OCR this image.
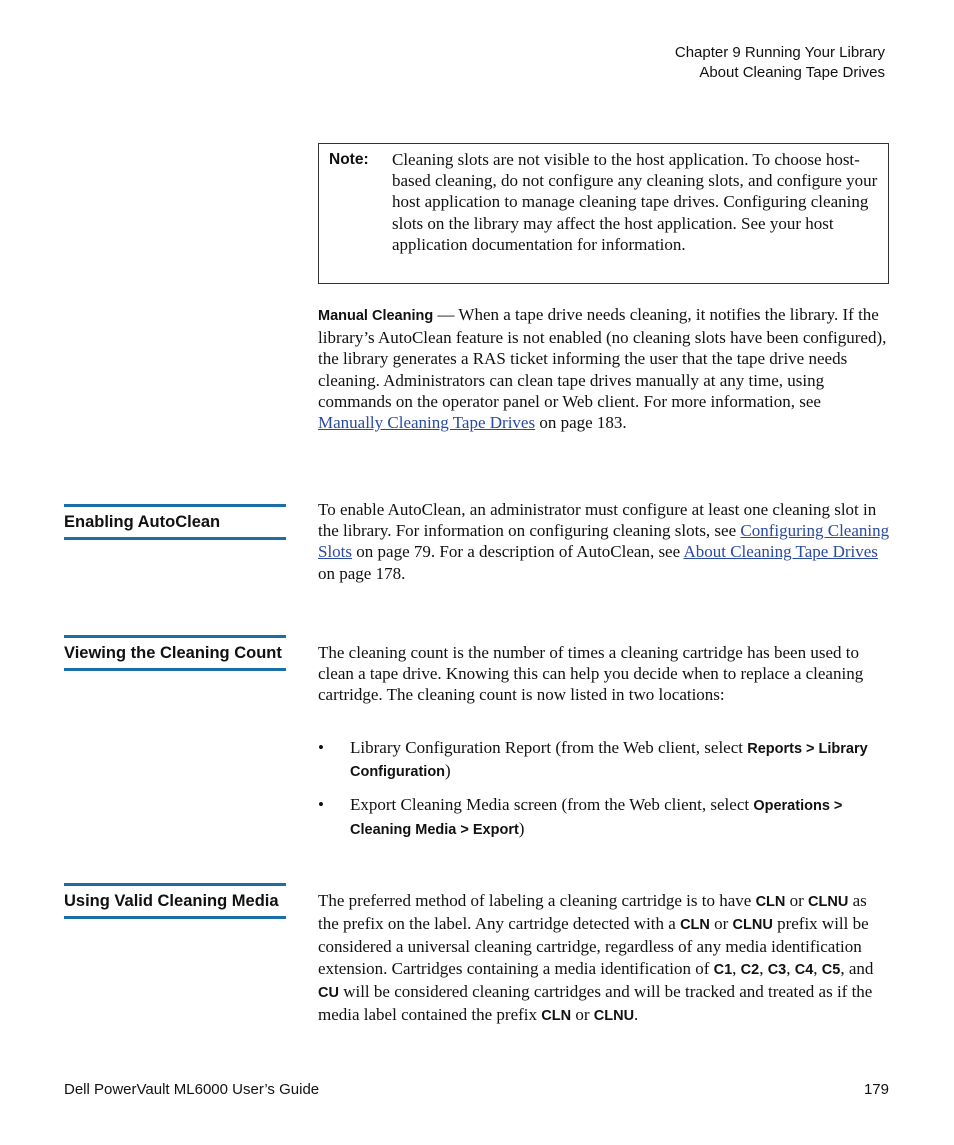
Chapter 9 Running Your Library
About Cleaning Tape Drives
Note: Cleaning slots are not visible to the host application. To choose host-based cleaning, do not configure any cleaning slots, and configure your host application to manage cleaning tape drives. Configuring cleaning slots on the library may affect the host application. See your host application documentation for information.
Manual Cleaning — When a tape drive needs cleaning, it notifies the library. If the library’s AutoClean feature is not enabled (no cleaning slots have been configured), the library generates a RAS ticket informing the user that the tape drive needs cleaning. Administrators can clean tape drives manually at any time, using commands on the operator panel or Web client. For more information, see Manually Cleaning Tape Drives on page 183.
Enabling AutoClean
To enable AutoClean, an administrator must configure at least one cleaning slot in the library. For information on configuring cleaning slots, see Configuring Cleaning Slots on page 79. For a description of AutoClean, see About Cleaning Tape Drives on page 178.
Viewing the Cleaning Count The cleaning count is the number of times a cleaning cartridge has been used to clean a tape drive. Knowing this can help you decide when to replace a cleaning cartridge. The cleaning count is now listed in two locations:
• Library Configuration Report (from the Web client, select Reports > Library Configuration)
• Export Cleaning Media screen (from the Web client, select Operations > Cleaning Media > Export)
Using Valid Cleaning Media	The preferred method of labeling a cleaning cartridge is to have CLN or CLNU as the prefix on the label. Any cartridge detected with a CLN or CLNU prefix will be considered a universal cleaning cartridge, regardless of any media identification extension. Cartridges containing a media identification of C1, C2, C3, C4, C5, and CU will be considered cleaning cartridges and will be tracked and treated as if the media label contained the prefix CLN or CLNU.
Dell PowerVault ML6000 User’s Guide	179
